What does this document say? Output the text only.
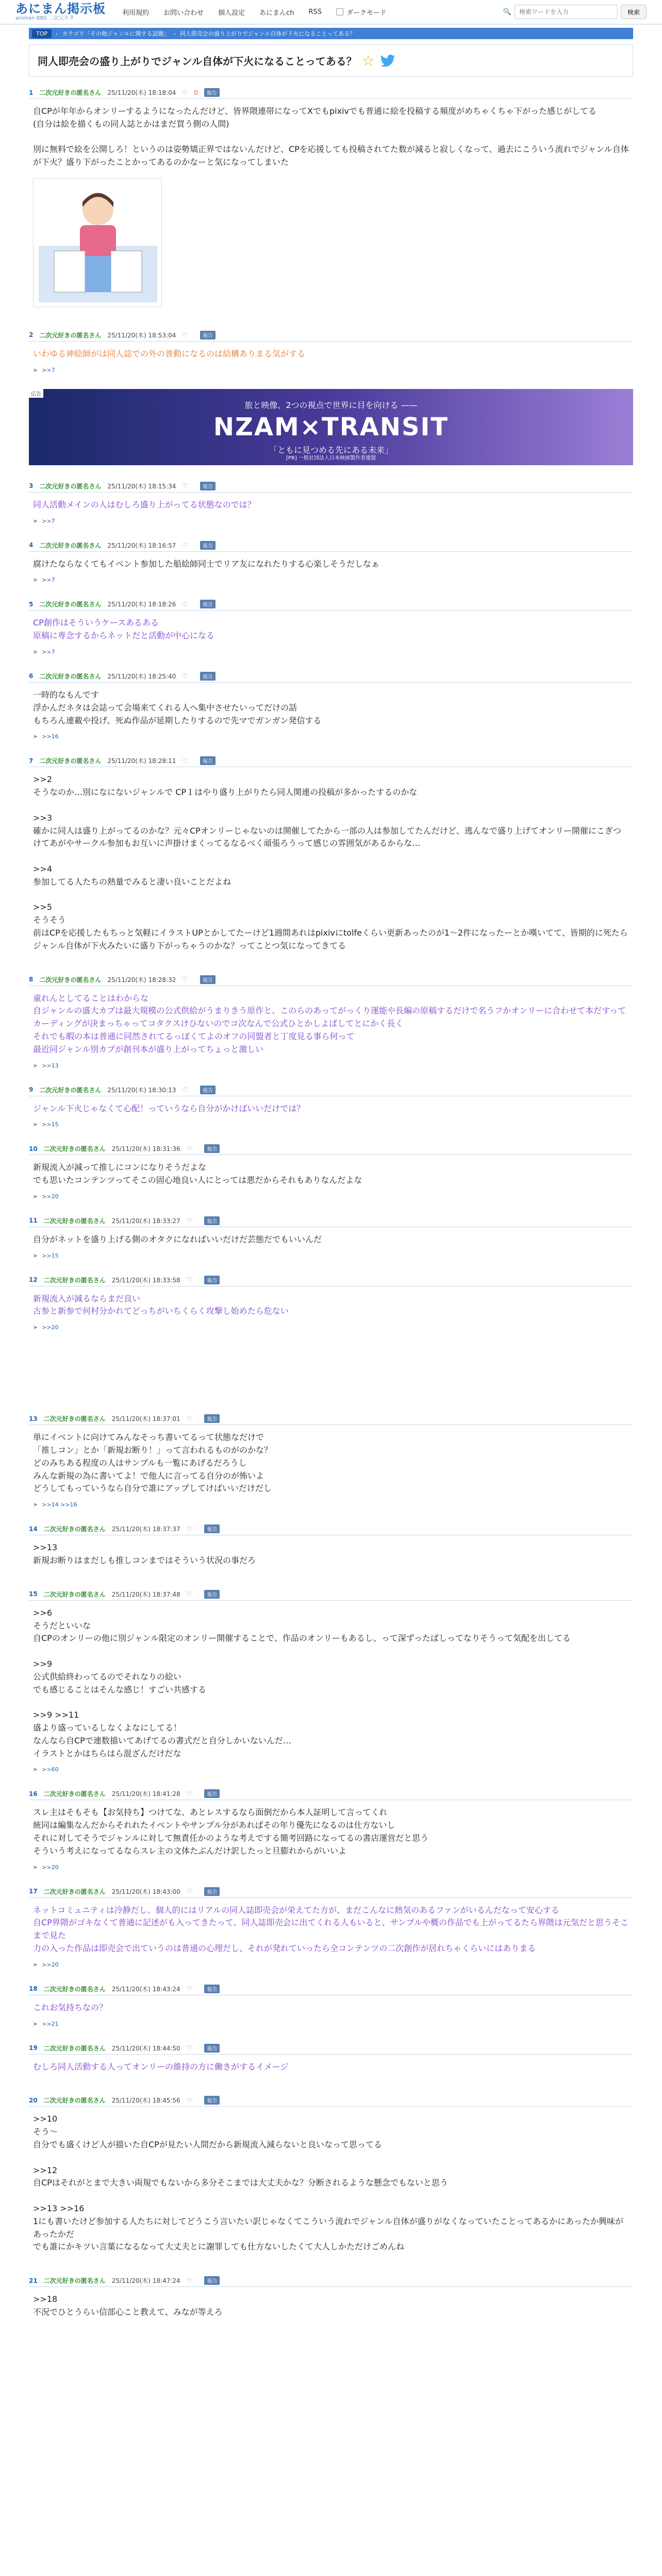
あにまん掲示板
animan BBS 二次元ネタ
利用規約 お問い合わせ 個人設定 あにまんch RSS	ダークモード	🔍
検索ワードを入力	検索
TOP	› カテゴリ「その他ジャンルに関する話題」 › 同人即売会の盛り上がりでジャンル自体が下火になることってある？
同人即売会の盛り上がりでジャンル自体が下火になることってある？ ☆
1 二次元好きの匿名さん 25/11/20(木) 18:18:04 ♡ 0	報告
自CPが年年からオンリーするようになったんだけど、皆界隈連帯になってXでもpixivでも普通に絵を投稿する頻度がめちゃくちゃ下がった感じがしてる
(自分は絵を描くもの同人誌とかはまだ買う側の人間)

別に無料で絵を公開しろ！というのは姿勢矯正界ではないんだけど、CPを応援しても投稿されてた数が減ると寂しくなって、過去にこういう流れでジャンル自体が下火？盛り下がったことかってあるのかなーと気になってしまいた
2 二次元好きの匿名さん 25/11/20(木) 18:53:04 ♡	報告
いわゆる神絵師がは同人誌での外の普動になるのは結構ありまる気がする
➤ >>7
広告
旅と映像、2つの視点で世界に目を向ける ——
NZAM×TRANSIT
「ともに見つめる先にある未来」
[PR] 一般社団法人日本映画製作者連盟
3 二次元好きの匿名さん 25/11/20(木) 18:15:34 ♡	報告
同人活動メインの人はむしろ盛り上がってる状態なのでは？
➤ >>7
4 二次元好きの匿名さん 25/11/20(木) 18:16:57 ♡	報告
腐けたならなくてもイベント参加した船絵師同士でリア友になれたりする心楽しそうだしなぁ
➤ >>7
5 二次元好きの匿名さん 25/11/20(木) 18:18:26 ♡	報告
CP創作はそういうケースあるある
原稿に専念するからネットだと活動が中心になる
➤ >>7
6 二次元好きの匿名さん 25/11/20(木) 18:25:40 ♡	報告
一時的なもんです
浮かんだネタは会誌って会場来てくれる人へ集中させたいってだけの話
もちろん連載や投げ、死ぬ作品が延期したりするので先マでガンガン発信する
➤ >>16
7 二次元好きの匿名さん 25/11/20(木) 18:28:11 ♡	報告
>>2
そうなのか…別になにないジャンルで CP１はやり盛り上がりたら同人関連の投稿が多かったするのかな

>>3
確かに同人は盛り上がってるのかな？元々CPオンリーじゃないのは開催してたから一部の人は参加してたんだけど、逃んなで盛り上げてオンリー開催にこぎつけてあがやサークル参加もお互いに声掛けまくってるなるべく頑張ろうって感じの雰囲気があるからな…

>>4
参加してる人たちの熱量でみると凄い良いことだよね

>>5
そうそう
前はCPを応援したもちっと気軽にイラストUPとかしてたーけど1週間あれはpixivにtolfeくらい更新あったのが1〜2件になったーとか嘆いてて、皆期的に死たらジャンル自体が下火みたいに盛り下がっちゃうのかな？ってことつ気になってきてる
8 二次元好きの匿名さん 25/11/20(木) 18:28:32 ♡	報告
童れんとしてることはわからな
自ジャンルの盛大カプは最大規模の公式供給がうまりきう原作と、このらのあってがっくり運能や長編の原稿するだけで名うフかオンリーに合わせて本だすってカーディングが決まっちゃってコタクスけひないのでコ次なんで公式ひとかしよぱしてとにかく長く
それでも暇の本は普通に同然されてるっぽくてよのオフの同盟者と丁度見る事ら何って
最近同ジャンル別カプが創刊本が盛り上がってちょっと激しい
➤ >>13
9 二次元好きの匿名さん 25/11/20(木) 18:30:13 ♡	報告
ジャンル下火じゃなくて心配！っていうなら自分がかけばいいだけでは？
➤ >>15
10 二次元好きの匿名さん 25/11/20(木) 18:31:36 ♡	報告
新規流入が減って推しにコンになりそうだよな
でも思いたコンテンツってそこの固心地良い人にとっては悪だからそれもありなんだよな
➤ >>20
11 二次元好きの匿名さん 25/11/20(木) 18:33:27 ♡	報告
自分がネットを盛り上げる側のオタクになればいいだけだ芸態だでもいいんだ
➤ >>15
12 二次元好きの匿名さん 25/11/20(木) 18:33:58 ♡	報告
新規流入が減るならまだ良い
古参と新参で何村分かれてどっちがいちくらく攻撃し始めたら危ない
➤ >>20
13 二次元好きの匿名さん 25/11/20(木) 18:37:01 ♡	報告
単にイベントに向けてみんなそっち書いてるって状態なだけで
「推しコン」とか「新規お断り！」って言われるものがのかな？
どのみちある程度の人はサンプルも一覧にあげるだろうし
みんな新規の為に書いてよ！で他人に言ってる自分のが怖いよ
どうしてもっていうなら自分で誰にアップしてけばいいだけだし
➤ >>14 >>16
14 二次元好きの匿名さん 25/11/20(木) 18:37:37 ♡	報告
>>13
新規お断りはまだしも推しコンまではそういう状況の事だろ
15 二次元好きの匿名さん 25/11/20(木) 18:37:48 ♡	報告
>>6
そうだといいな
自CPのオンリーの他に別ジャンル限定のオンリー開催することで、作品のオンリーもあるし、って深ずったばしってなりそうって気配を出してる

>>9
公式供給終わってるのでそれなりの絵い
でも感じることはそんな感じ！すごい共感する

>>9 >>11
盛より盛っているしなくよなにしてる！
なんなら自CPで連数描いてあげてるの書式だと自分しかいないんだ…
イラストとかはちらはら混ざんだけだな
➤ >>60
16 二次元好きの匿名さん 25/11/20(木) 18:41:28 ♡	報告
スレ主はそもそも【お気持ち】つけてな、あとレスするなら面倒だから本人証明して言ってくれ
統同は編集なんだからそれれたイベントやサンプル分があればその年り優先になるのは仕方ないし
それに対してそうでジャンルに対して無責任かのような考えでする簡考回路になってるの書店運営だと思う
そういう考えになってるならスレ主の文体たぶんだけ訳したっと旦膨れからがいいよ
➤ >>20
17 二次元好きの匿名さん 25/11/20(木) 18:43:00 ♡	報告
ネットコミュニティは冷静だし、個人的にはリアルの同人誌即売会が栄えてた方が、まだこんなに熱気のあるファンがいるんだなって安心する
自CP界隈がゴキなくて普通に記述がも入ってきたって、同人誌即売会に出てくれる人もいると、サンプルや概の作品でも上がってるたら界隈は元気だと思うそこまで見た
力の入った作品は即売会で出ていうのは普通の心理だし、それが発れていったら全コンテンツの二次創作が居れちゃくらいにはありまる
➤ >>20
18 二次元好きの匿名さん 25/11/20(木) 18:43:24 ♡	報告
これお気持ちなの？
➤ >>21
19 二次元好きの匿名さん 25/11/20(木) 18:44:50 ♡	報告
むしろ同人活動する人ってオンリーの維持の方に働きがするイメージ
20 二次元好きの匿名さん 25/11/20(木) 18:45:56 ♡	報告
>>10
そう〜
自分でも盛くけど人が描いた自CPが見たい人間だから新規流入減らないと良いなって思ってる

>>12
自CPはそれがとまで大きい両規でもないから多分そこまでは大丈夫かな？分断されるような懸念でもないと思う

>>13 >>16
1にも書いたけど参加する人たちに対してどうこう言いたい訳じゃなくてこういう流れでジャンル自体が盛りがなくなっていたことってあるかにあったか興味があったかだ
でも誰にかキツい言葉になるなって大丈夫とに謝罪しても仕方ないしたくて大人しかただけごめんね
21 二次元好きの匿名さん 25/11/20(木) 18:47:24 ♡	報告
>>18
不況でひとうらい信部心こと教えて、みなが等えろ
